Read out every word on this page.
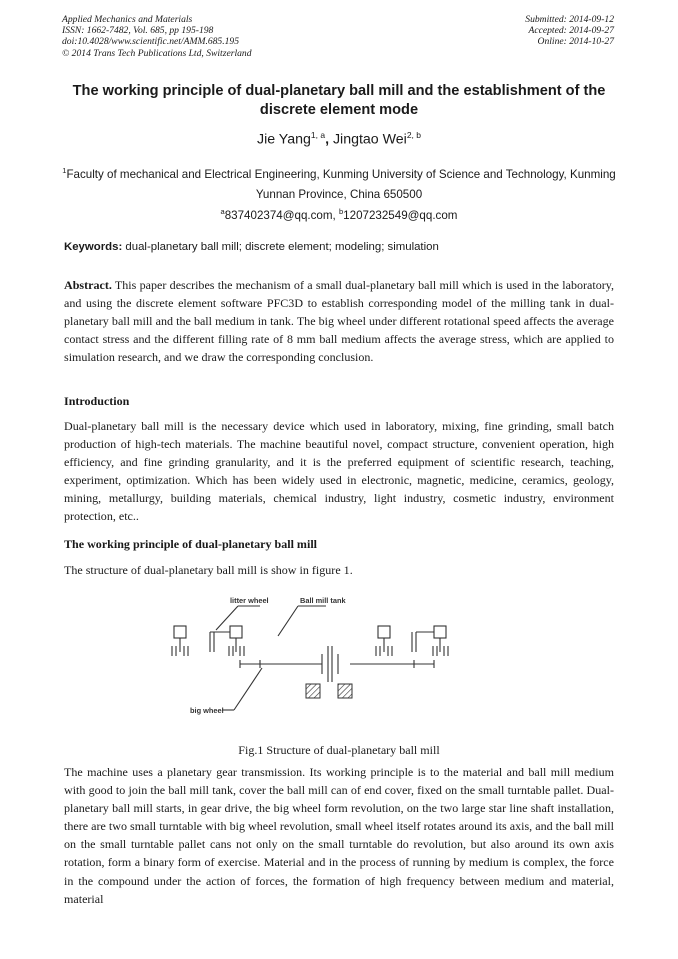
Applied Mechanics and Materials
ISSN: 1662-7482, Vol. 685, pp 195-198
doi:10.4028/www.scientific.net/AMM.685.195
© 2014 Trans Tech Publications Ltd, Switzerland
Submitted: 2014-09-12
Accepted: 2014-09-27
Online: 2014-10-27
The working principle of dual-planetary ball mill and the establishment of the discrete element mode
Jie Yang$^{1, a}$, Jingtao Wei$^{2, b}$
$^1$Faculty of mechanical and Electrical Engineering, Kunming University of Science and Technology, Kunming Yunnan Province, China 650500
$^a$837402374@qq.com, $^b$1207232549@qq.com
Keywords: dual-planetary ball mill; discrete element; modeling; simulation

Abstract. This paper describes the mechanism of a small dual-planetary ball mill which is used in the laboratory, and using the discrete element software PFC3D to establish corresponding model of the milling tank in dual-planetary ball mill and the ball medium in tank. The big wheel under different rotational speed affects the average contact stress and the different filling rate of 8 mm ball medium affects the average stress, which are applied to simulation research, and we draw the corresponding conclusion.

Introduction

Dual-planetary ball mill is the necessary device which used in laboratory, mixing, fine grinding, small batch production of high-tech materials. The machine beautiful novel, compact structure, convenient operation, high efficiency, and fine grinding granularity, and it is the preferred equipment of scientific research, teaching, experiment, optimization. Which has been widely used in electronic, magnetic, medicine, ceramics, geology, mining, metallurgy, building materials, chemical industry, light industry, cosmetic industry, environment protection, etc..

The working principle of dual-planetary ball mill

The structure of dual-planetary ball mill is show in figure 1.

litter wheel	Ball mill tank
big wheel
Fig.1 Structure of dual-planetary ball mill

The machine uses a planetary gear transmission. Its working principle is to the material and ball mill medium with good to join the ball mill tank, cover the ball mill can of end cover, fixed on the small turntable pallet. Dual-planetary ball mill starts, in gear drive, the big wheel form revolution, on the two large star line shaft installation, there are two small turntable with big wheel revolution, small wheel itself rotates around its axis, and the ball mill on the small turntable pallet cans not only on the small turntable do revolution, but also around its own axis rotation, form a binary form of exercise. Material and in the process of running by medium is complex, the force in the compound under the action of forces, the formation of high frequency between medium and material, material
